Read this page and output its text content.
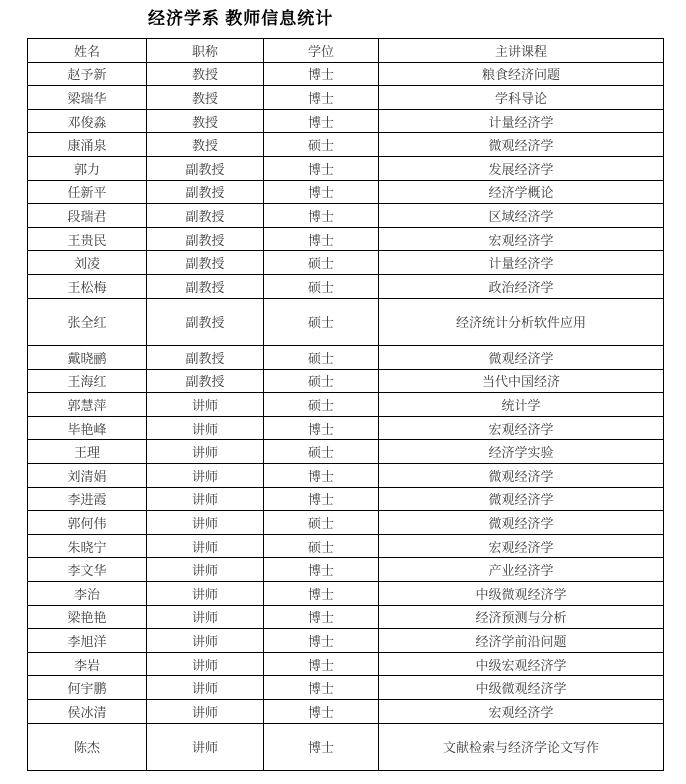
经济学系 教师信息统计
姓名	职称	学位	主讲课程
赵予新	教授	博士	粮食经济问题
梁瑞华	教授	博士	学科导论
邓俊淼	教授	博士	计量经济学
康涌泉	教授	硕士	微观经济学
郭力	副教授	博士	发展经济学
任新平	副教授	博士	经济学概论
段瑞君	副教授	博士	区域经济学
王贵民	副教授	博士	宏观经济学
刘凌	副教授	硕士	计量经济学
王松梅	副教授	硕士	政治经济学
张全红	副教授	硕士	经济统计分析软件应用
戴晓鹂	副教授	硕士	微观经济学
王海红	副教授	硕士	当代中国经济
郭慧萍	讲师	硕士	统计学
毕艳峰	讲师	博士	宏观经济学
王理	讲师	硕士	经济学实验
刘清娟	讲师	博士	微观经济学
李进霞	讲师	博士	微观经济学
郭何伟	讲师	硕士	微观经济学
朱晓宁	讲师	硕士	宏观经济学
李文华	讲师	博士	产业经济学
李治	讲师	博士	中级微观经济学
梁艳艳	讲师	博士	经济预测与分析
李旭洋	讲师	博士	经济学前沿问题
李岩	讲师	博士	中级宏观经济学
何宇鹏	讲师	博士	中级微观经济学
侯冰清	讲师	博士	宏观经济学
陈杰	讲师	博士	文献检索与经济学论文写作
